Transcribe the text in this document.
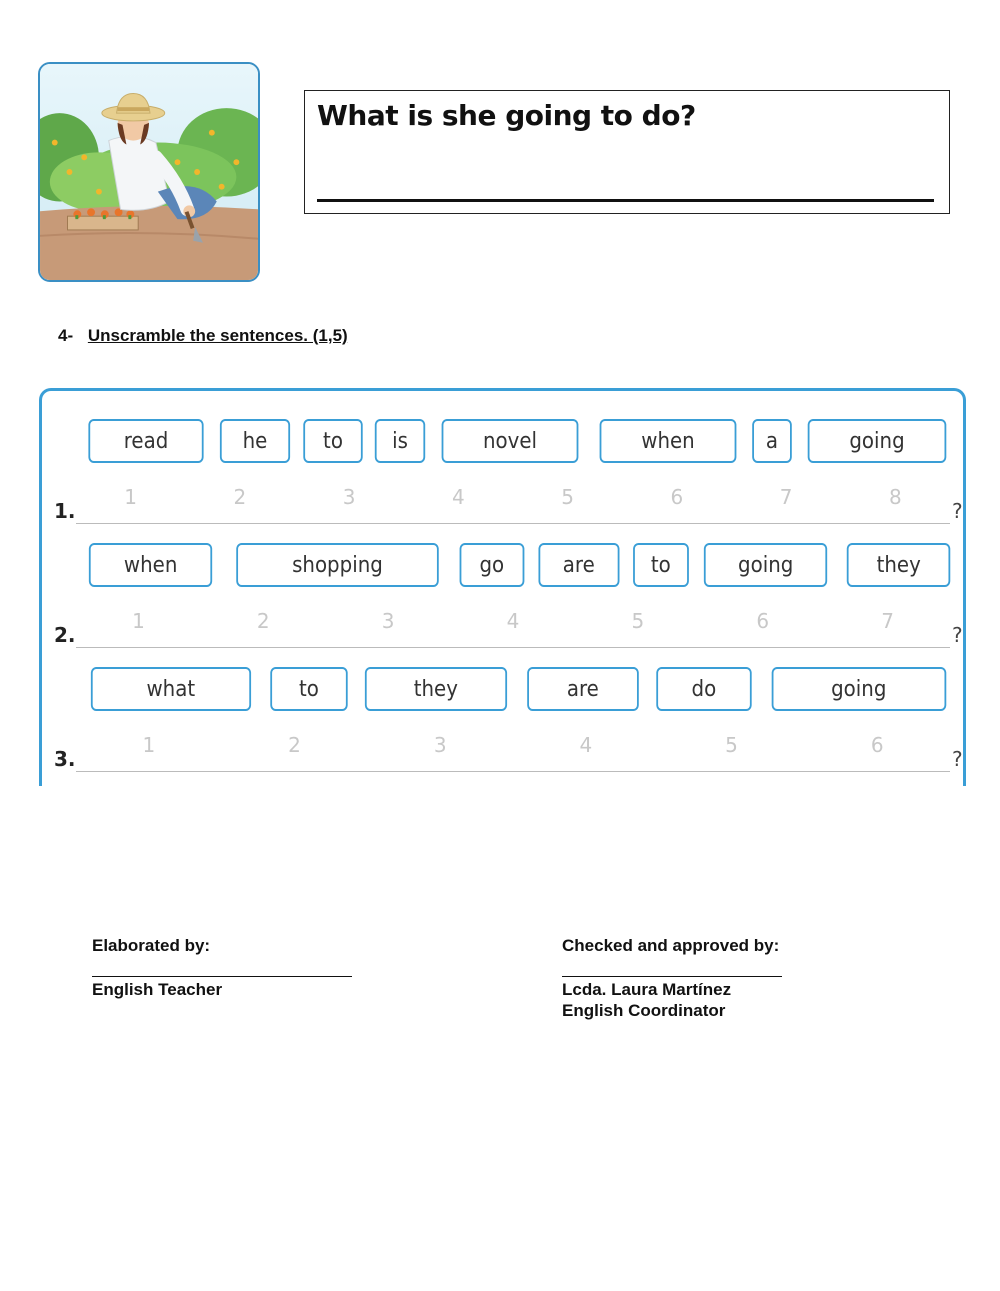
What is she going to do?
4- Unscramble the sentences. (1,5)
read	he	to is	novel	when	a	going
1.
1	2	3	4	5	6	7	8
?
when	shopping	go	are	to	going	they
2.
1	2	3	4	5	6	7
?
what	to	they	are	do	going
3.
1	2	3	4	5	6
?
Elaborated by:
English Teacher
Checked and approved by:
Lcda. Laura Martínez
English Coordinator
